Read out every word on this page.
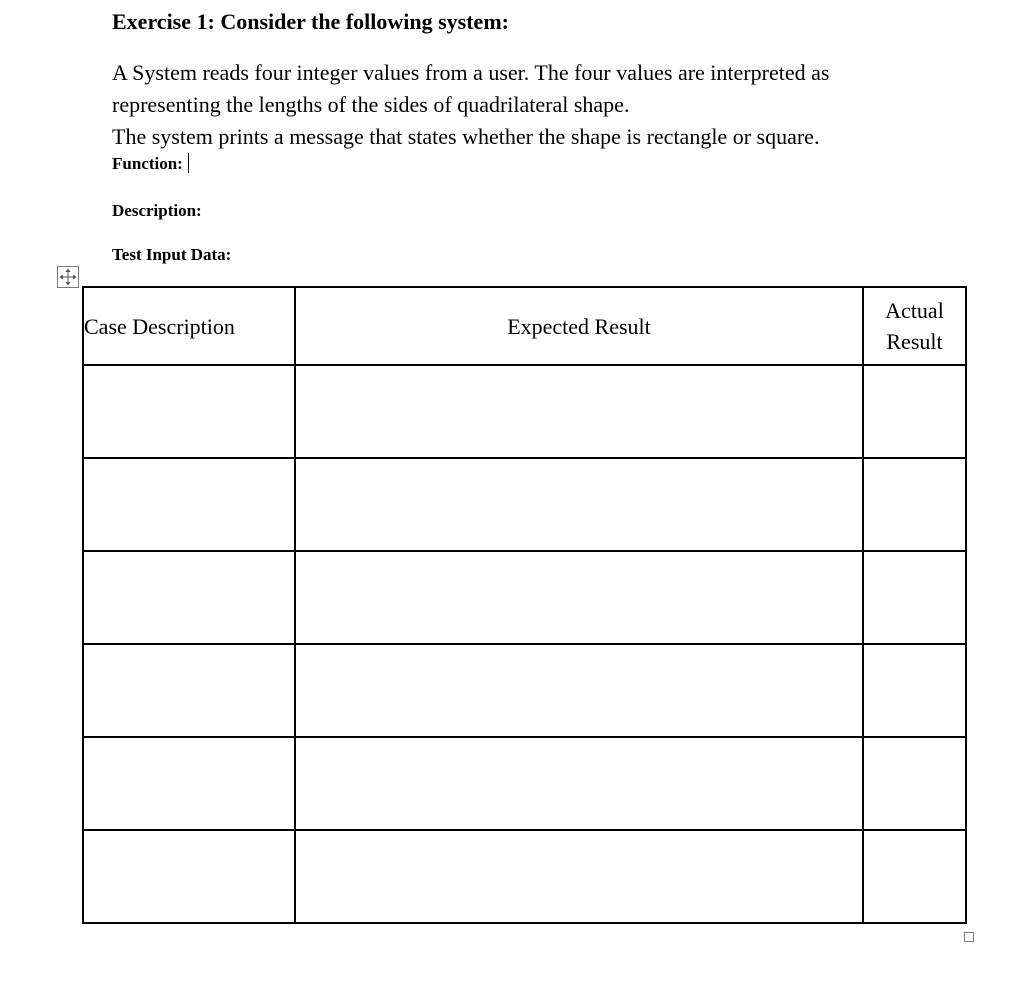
Exercise 1: Consider the following system:
A System reads four integer values from a user. The four values are interpreted as
representing the lengths of the sides of quadrilateral shape.
The system prints a message that states whether the shape is rectangle or square.
Function:
Description:
Test Input Data:
Case Description	Expected Result	Actual
Result
